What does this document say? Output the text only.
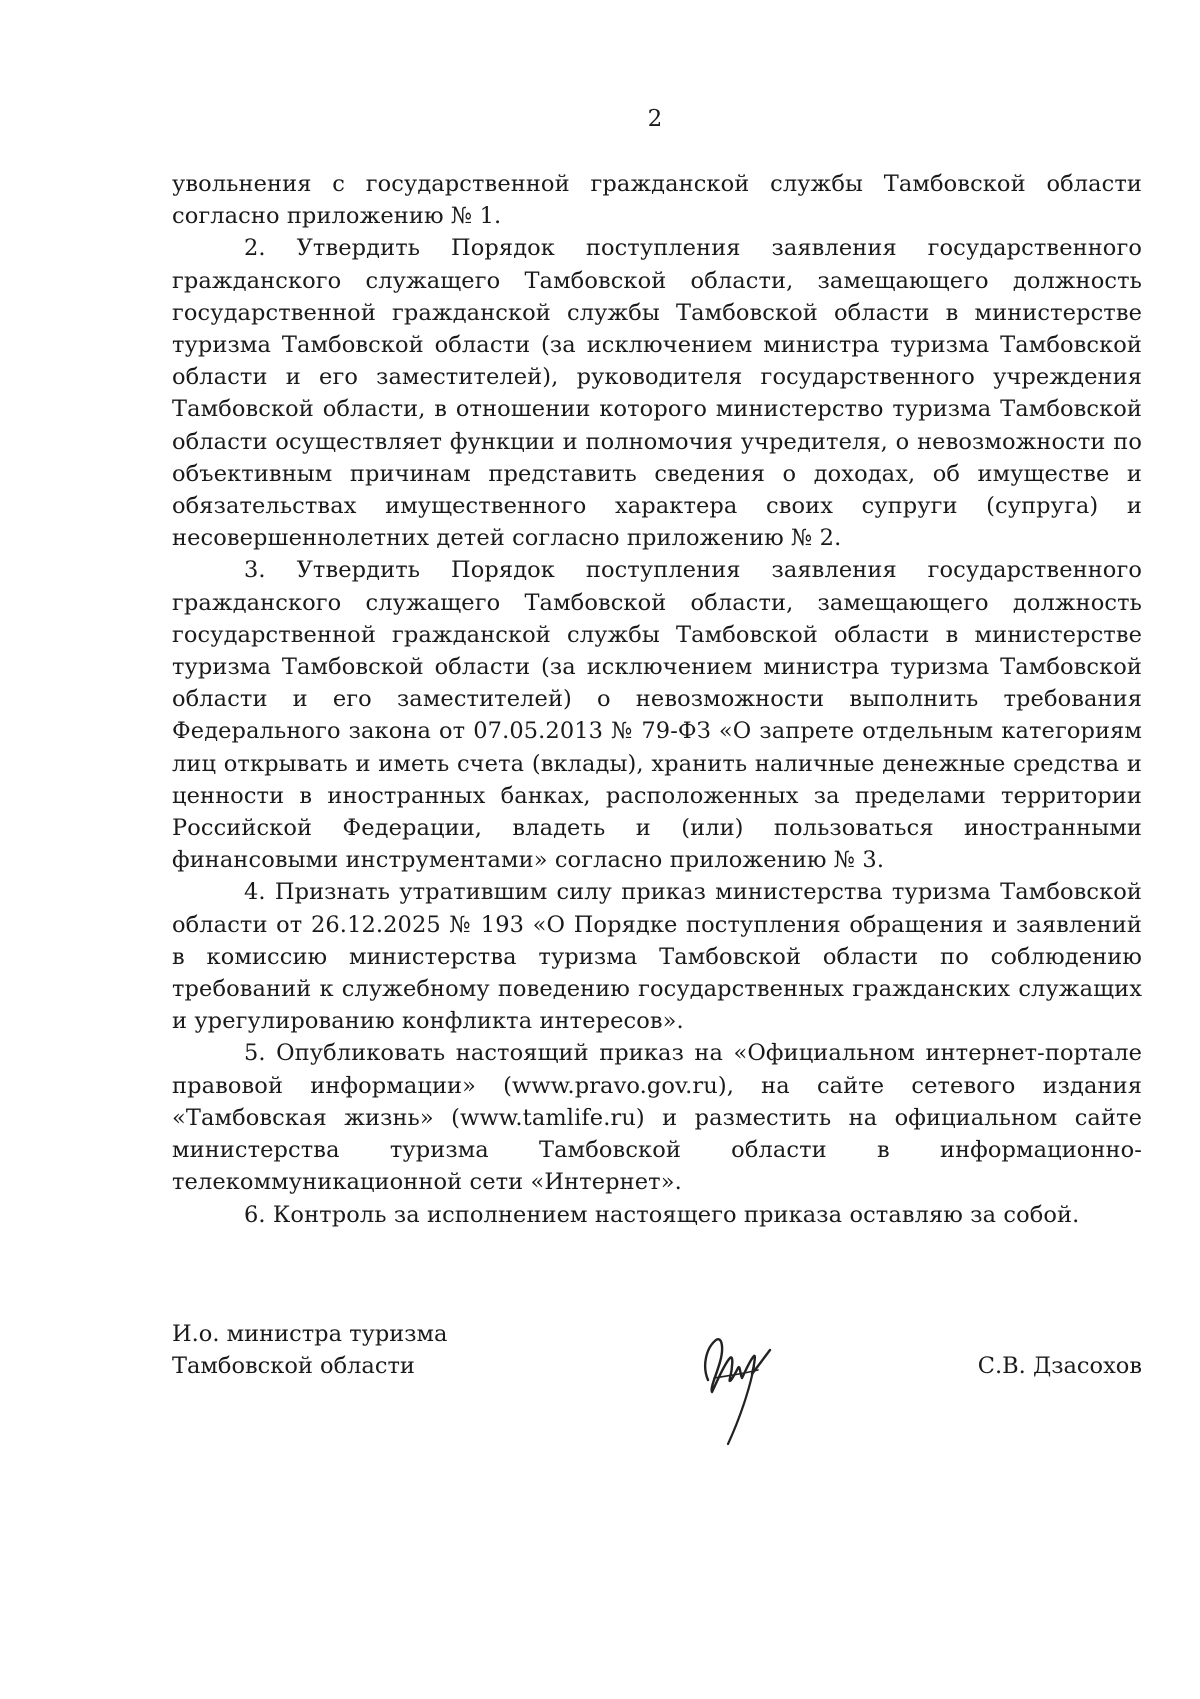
2

увольнения с государственной гражданской службы Тамбовской области согласно приложению № 1.

2. Утвердить Порядок поступления заявления государственного гражданского служащего Тамбовской области, замещающего должность государственной гражданской службы Тамбовской области в министерстве туризма Тамбовской области (за исключением министра туризма Тамбовской области и его заместителей), руководителя государственного учреждения Тамбовской области, в отношении которого министерство туризма Тамбовской области осуществляет функции и полномочия учредителя, о невозможности по объективным причинам представить сведения о доходах, об имуществе и обязательствах имущественного характера своих супруги (супруга) и несовершеннолетних детей согласно приложению № 2.

3. Утвердить Порядок поступления заявления государственного гражданского служащего Тамбовской области, замещающего должность государственной гражданской службы Тамбовской области в министерстве туризма Тамбовской области (за исключением министра туризма Тамбовской области и его заместителей) о невозможности выполнить требования Федерального закона от 07.05.2013 № 79-ФЗ «О запрете отдельным категориям лиц открывать и иметь счета (вклады), хранить наличные денежные средства и ценности в иностранных банках, расположенных за пределами территории Российской Федерации, владеть и (или) пользоваться иностранными финансовыми инструментами» согласно приложению № 3.

4. Признать утратившим силу приказ министерства туризма Тамбовской области от 26.12.2025 № 193 «О Порядке поступления обращения и заявлений в комиссию министерства туризма Тамбовской области по соблюдению требований к служебному поведению государственных гражданских служащих и урегулированию конфликта интересов».

5. Опубликовать настоящий приказ на «Официальном интернет-портале правовой информации» (www.pravo.gov.ru), на сайте сетевого издания «Тамбовская жизнь» (www.tamlife.ru) и разместить на официальном сайте министерства туризма Тамбовской области в информационно-телекоммуникационной сети «Интернет».

6. Контроль за исполнением настоящего приказа оставляю за собой.

И.о. министра туризма
Тамбовской области	С.В. Дзасохов
